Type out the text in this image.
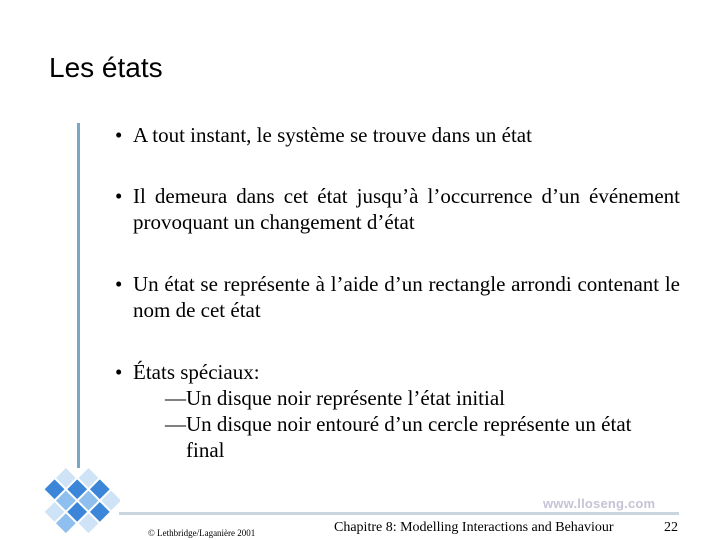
Les états
• A tout instant, le système se trouve dans un état
• Il demeura dans cet état jusqu’à l’occurrence d’un événement provoquant un changement d’état
• Un état se représente à l’aide d’un rectangle arrondi contenant le nom de cet état
• États spéciaux:
—Un disque noir représente l’état initial
—Un disque noir entouré d’un cercle représente un état
final
www.lloseng.com
© Lethbridge/Laganière 2001	Chapitre 8: Modelling Interactions and Behaviour	22
